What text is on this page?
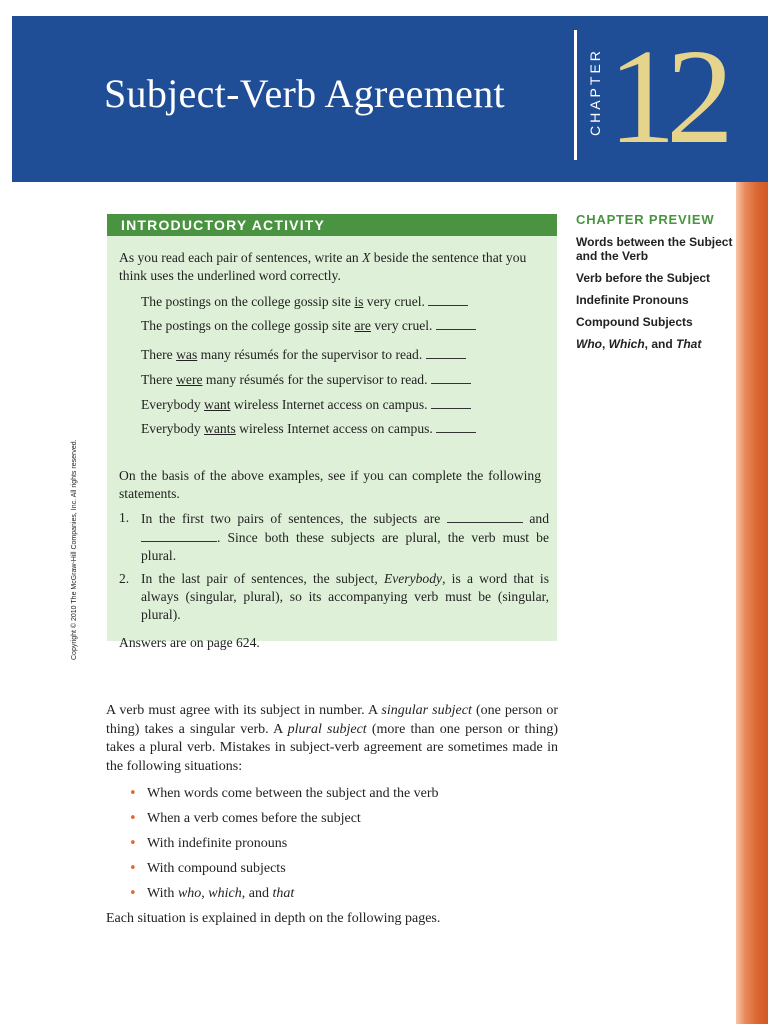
Subject-Verb Agreement	CHAPTER 12
Copyright © 2010 The McGraw-Hill Companies, Inc. All rights reserved.
INTRODUCTORY ACTIVITY

As you read each pair of sentences, write an X beside the sentence that you think uses the underlined word correctly.

The postings on the college gossip site is very cruel.

The postings on the college gossip site are very cruel.

There was many résumés for the supervisor to read.

There were many résumés for the supervisor to read.

Everybody want wireless Internet access on campus.

Everybody wants wireless Internet access on campus.

On the basis of the above examples, see if you can complete the following statements.

1. In the first two pairs of sentences, the subjects are	and . Since both these subjects are plural, the verb must be plural.

2. In the last pair of sentences, the subject, Everybody, is a word that is always (singular, plural), so its accompanying verb must be (singular, plural).

Answers are on page 624.

CHAPTER PREVIEW
Words between the Subject and the Verb
Verb before the Subject
Indefinite Pronouns
Compound Subjects
Who, Which, and That

A verb must agree with its subject in number. A singular subject (one person or thing) takes a singular verb. A plural subject (more than one person or thing) takes a plural verb. Mistakes in subject-verb agreement are sometimes made in the following situations:

• When words come between the subject and the verb
• When a verb comes before the subject
• With indefinite pronouns
• With compound subjects
• With who, which, and that

Each situation is explained in depth on the following pages.
